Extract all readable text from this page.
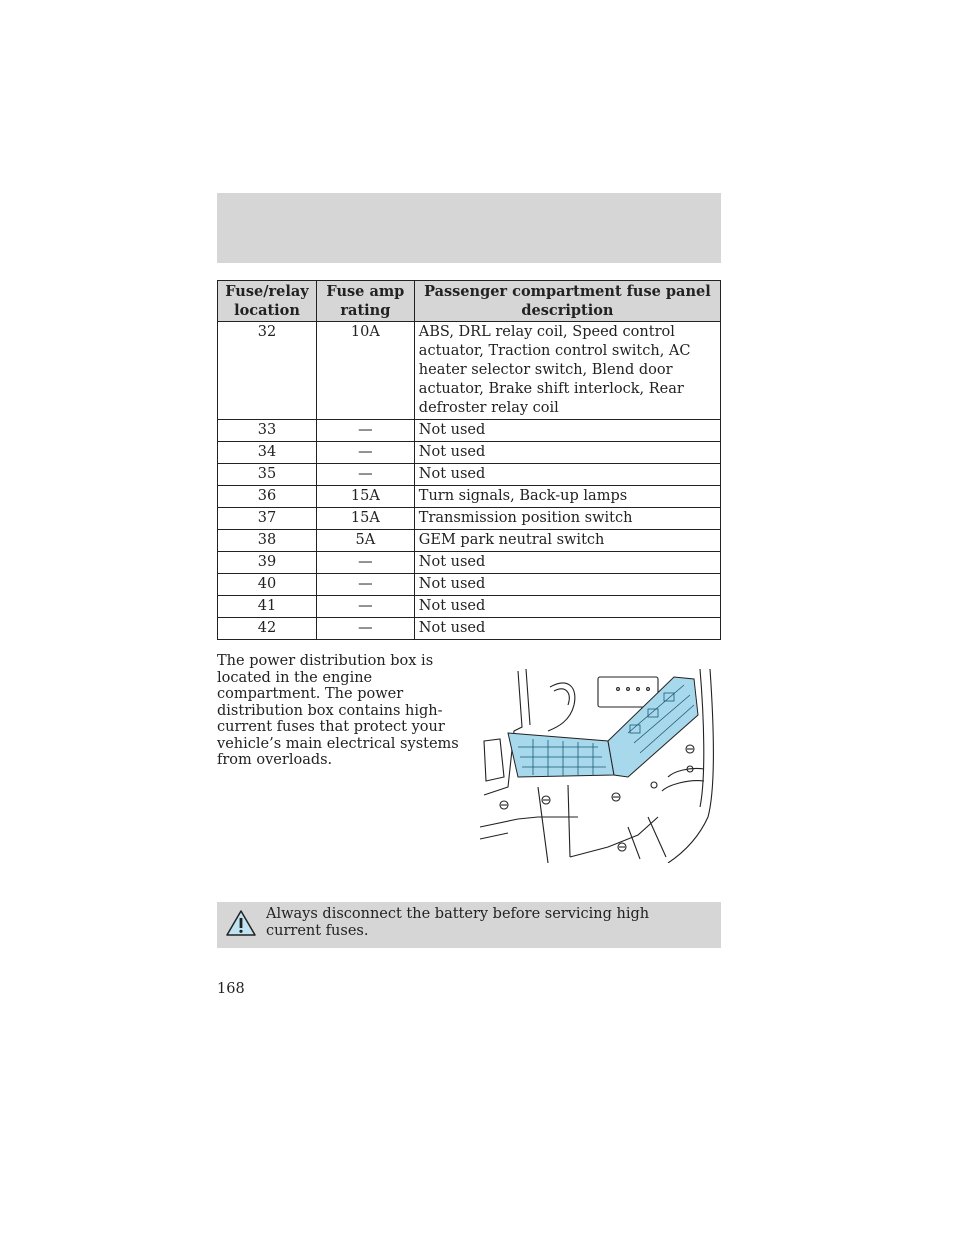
Fuse/relay location	Fuse amp rating	Passenger compartment fuse panel description
32	10A	ABS, DRL relay coil, Speed control actuator, Traction control switch, AC heater selector switch, Blend door actuator, Brake shift interlock, Rear defroster relay coil
33	—	Not used
34	—	Not used
35	—	Not used
36	15A	Turn signals, Back-up lamps
37	15A	Transmission position switch
38	5A	GEM park neutral switch
39	—	Not used
40	—	Not used
41	—	Not used
42	—	Not used
The power distribution box is located in the engine compartment. The power distribution box contains high-current fuses that protect your vehicle’s main electrical systems from overloads.
Always disconnect the battery before servicing high current fuses.
168
